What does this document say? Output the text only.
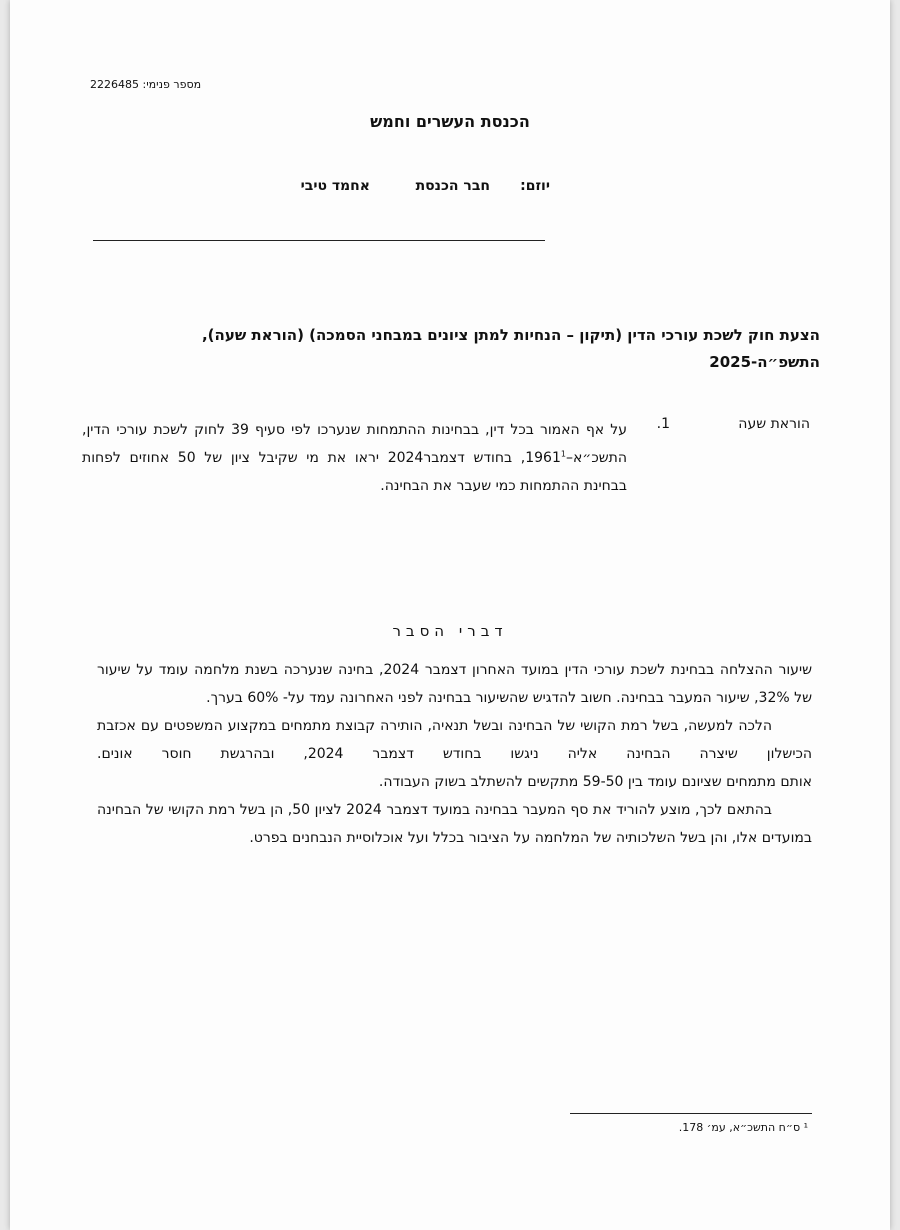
מספר פנימי: 2226485
הכנסת העשרים וחמש
יוזם:
חבר הכנסת
אחמד טיבי
הצעת חוק לשכת עורכי הדין (תיקון – הנחיות למתן ציונים במבחני הסמכה) (הוראת שעה),
התשפ״ה-2025
הוראת שעה
1.
על אף האמור בכל דין, בבחינות ההתמחות שנערכו לפי סעיף 39 לחוק לשכת עורכי הדין, התשכ״א–1961$^1$, בחודש דצמבר2024 יראו את מי שקיבל ציון של 50 אחוזים לפחות בבחינת ההתמחות כמי שעבר את הבחינה.
דברי הסבר

שיעור ההצלחה בבחינת לשכת עורכי הדין במועד האחרון דצמבר 2024, בחינה שנערכה בשנת מלחמה עומד על שיעור של 32%, שיעור המעבר בבחינה. חשוב להדגיש שהשיעור בבחינה לפני האחרונה עמד על- 60% בערך.

הלכה למעשה, בשל רמת הקושי של הבחינה ובשל תנאיה, הותירה קבוצת מתמחים במקצוע המשפטים עם אכזבת הכישלון שיצרה הבחינה אליה ניגשו בחודש דצמבר 2024, ובהרגשת חוסר אונים.

אותם מתמחים שציונם עומד בין 59-50 מתקשים להשתלב בשוק העבודה.

בהתאם לכך, מוצע להוריד את סף המעבר בבחינה במועד דצמבר 2024 לציון 50, הן בשל רמת הקושי של הבחינה במועדים אלו, והן בשל השלכותיה של המלחמה על הציבור בכלל ועל אוכלוסיית הנבחנים בפרט.

¹ ס״ח התשכ״א, עמ׳ 178.
